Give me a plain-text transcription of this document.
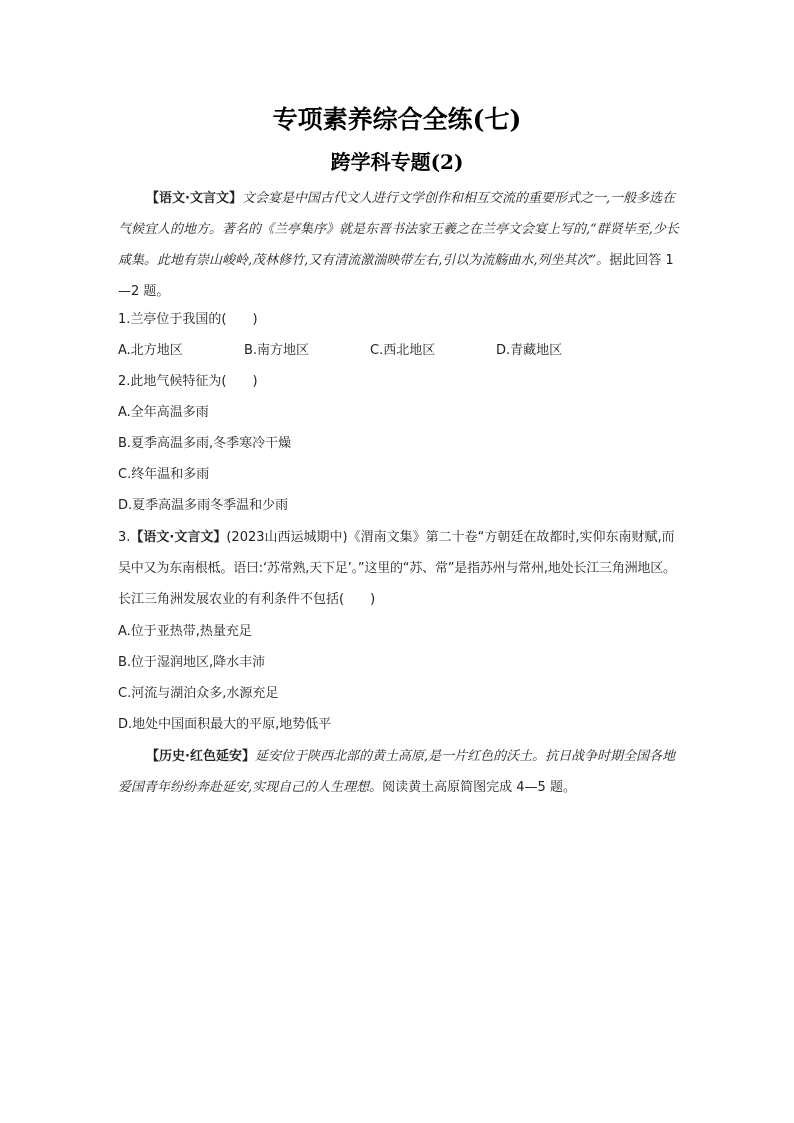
专项素养综合全练(七)
跨学科专题(2)

【语文·文言文】文会宴是中国古代文人进行文学创作和相互交流的重要形式之一,一般多选在气候宜人的地方。著名的《兰亭集序》就是东晋书法家王羲之在兰亭文会宴上写的,“群贤毕至,少长咸集。此地有崇山峻岭,茂林修竹,又有清流激湍映带左右,引以为流觞曲水,列坐其次”。据此回答 1—2 题。

1.兰亭位于我国的(　　)
A.北方地区	B.南方地区	C.西北地区	D.青藏地区
2.此地气候特征为(　　)
A.全年高温多雨
B.夏季高温多雨,冬季寒冷干燥
C.终年温和多雨
D.夏季高温多雨冬季温和少雨
3.【语文·文言文】(2023山西运城期中)《渭南文集》第二十卷“方朝廷在故都时,实仰东南财赋,而
吴中又为东南根柢。语曰:‘苏常熟,天下足’。”这里的“苏、常”是指苏州与常州,地处长江三角洲地区。
长江三角洲发展农业的有利条件不包括(　　)
A.位于亚热带,热量充足
B.位于湿润地区,降水丰沛
C.河流与湖泊众多,水源充足
D.地处中国面积最大的平原,地势低平

【历史·红色延安】延安位于陕西北部的黄土高原,是一片红色的沃土。抗日战争时期全国各地爱国青年纷纷奔赴延安,实现自己的人生理想。阅读黄土高原简图完成 4—5 题。
